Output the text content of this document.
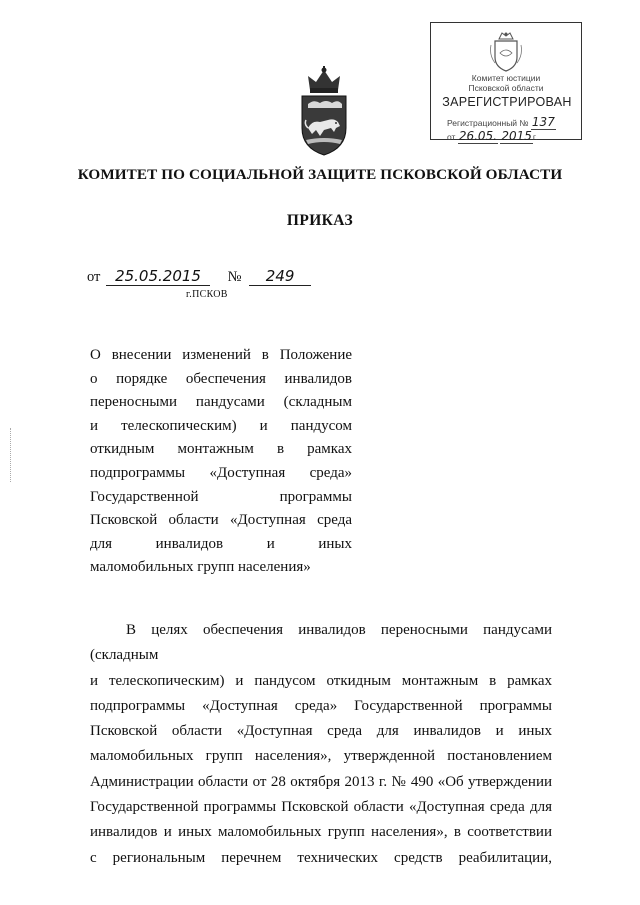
Комитет юстиции
Псковской области
ЗАРЕГИСТРИРОВАН
Регистрационный № 137
от 26.05. 2015г.
КОМИТЕТ ПО СОЦИАЛЬНОЙ ЗАЩИТЕ ПСКОВСКОЙ ОБЛАСТИ
ПРИКАЗ
от 25.05.2015 № 249
г.ПСКОВ
О внесении изменений в Положение
о порядке обеспечения инвалидов
переносными пандусами (складным
и телескопическим) и пандусом
откидным монтажным в рамках
подпрограммы «Доступная среда»
Государственной программы
Псковской области «Доступная среда
для инвалидов и иных
маломобильных групп населения»
В целях обеспечения инвалидов переносными пандусами (складным
и телескопическим) и пандусом откидным монтажным в рамках
подпрограммы «Доступная среда» Государственной программы
Псковской области «Доступная среда для инвалидов и иных
маломобильных групп населения», утвержденной постановлением
Администрации области от 28 октября 2013 г. № 490 «Об утверждении
Государственной программы Псковской области «Доступная среда для
инвалидов и иных маломобильных групп населения», в соответствии
с региональным перечнем технических средств реабилитации,
